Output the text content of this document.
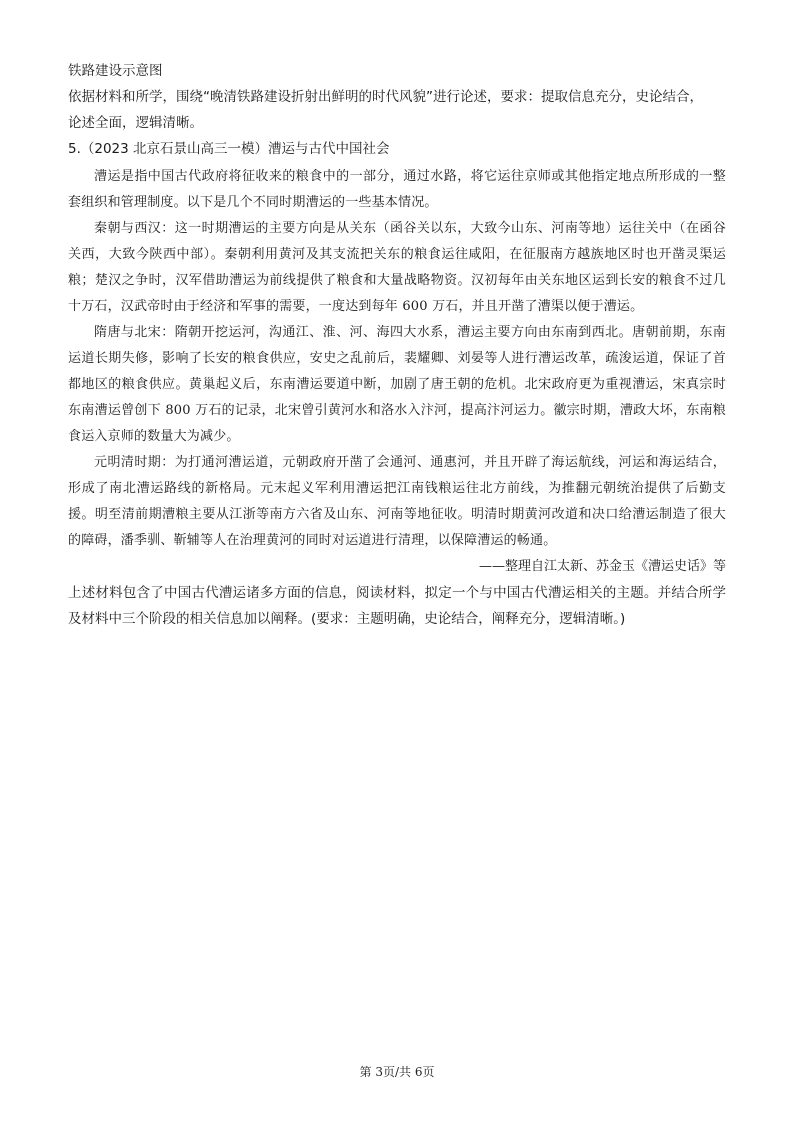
铁路建设示意图

依据材料和所学，围绕“晚清铁路建设折射出鲜明的时代风貌”进行论述，要求：提取信息充分，史论结合，

论述全面，逻辑清晰。

5.（2023 北京石景山高三一模）漕运与古代中国社会

漕运是指中国古代政府将征收来的粮食中的一部分，通过水路，将它运往京师或其他指定地点所形成的一整套组织和管理制度。以下是几个不同时期漕运的一些基本情况。

秦朝与西汉：这一时期漕运的主要方向是从关东（函谷关以东，大致今山东、河南等地）运往关中（在函谷关西，大致今陕西中部）。秦朝利用黄河及其支流把关东的粮食运往咸阳，在征服南方越族地区时也开凿灵渠运粮；楚汉之争时，汉军借助漕运为前线提供了粮食和大量战略物资。汉初每年由关东地区运到长安的粮食不过几十万石，汉武帝时由于经济和军事的需要，一度达到每年 600 万石，并且开凿了漕渠以便于漕运。

隋唐与北宋：隋朝开挖运河，沟通江、淮、河、海四大水系，漕运主要方向由东南到西北。唐朝前期，东南运道长期失修，影响了长安的粮食供应，安史之乱前后，裴耀卿、刘晏等人进行漕运改革，疏浚运道，保证了首都地区的粮食供应。黄巢起义后，东南漕运要道中断，加剧了唐王朝的危机。北宋政府更为重视漕运，宋真宗时东南漕运曾创下 800 万石的记录，北宋曾引黄河水和洛水入汴河，提高汴河运力。徽宗时期，漕政大坏，东南粮食运入京师的数量大为减少。

元明清时期：为打通河漕运道，元朝政府开凿了会通河、通惠河，并且开辟了海运航线，河运和海运结合，形成了南北漕运路线的新格局。元末起义军利用漕运把江南钱粮运往北方前线，为推翻元朝统治提供了后勤支援。明至清前期漕粮主要从江浙等南方六省及山东、河南等地征收。明清时期黄河改道和决口给漕运制造了很大的障碍，潘季驯、靳辅等人在治理黄河的同时对运道进行清理，以保障漕运的畅通。

——整理自江太新、苏金玉《漕运史话》等

上述材料包含了中国古代漕运诸多方面的信息，阅读材料，拟定一个与中国古代漕运相关的主题。并结合所学及材料中三个阶段的相关信息加以阐释。(要求：主题明确，史论结合，阐释充分，逻辑清晰。)

第 3页/共 6页
